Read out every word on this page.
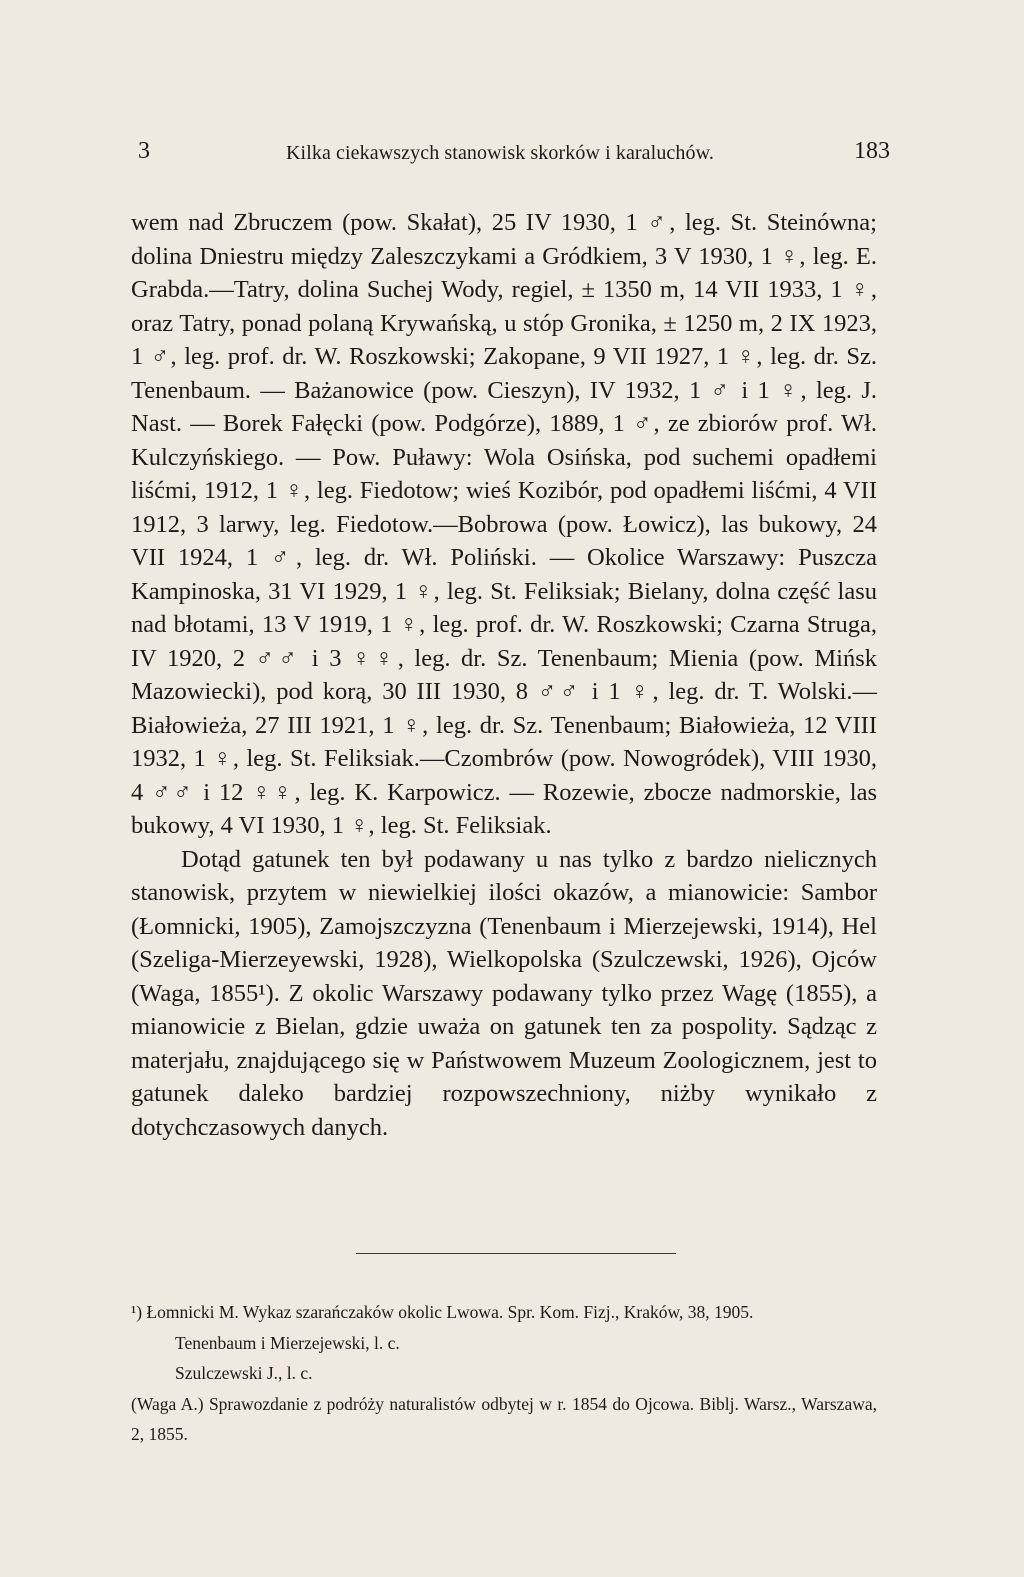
3	Kilka ciekawszych stanowisk skorków i karaluchów.	183

wem nad Zbruczem (pow. Skałat), 25 IV 1930, 1 ♂, leg. St. Steinówna; dolina Dniestru między Zaleszczykami a Gródkiem, 3 V 1930, 1 ♀, leg. E. Grabda.—Tatry, dolina Suchej Wody, regiel, ± 1350 m, 14 VII 1933, 1 ♀, oraz Tatry, ponad polaną Krywańską, u stóp Gronika, ± 1250 m, 2 IX 1923, 1 ♂, leg. prof. dr. W. Roszkowski; Zakopane, 9 VII 1927, 1 ♀, leg. dr. Sz. Tenenbaum. — Bażanowice (pow. Cieszyn), IV 1932, 1 ♂ i 1 ♀, leg. J. Nast. — Borek Fałęcki (pow. Podgórze), 1889, 1 ♂, ze zbiorów prof. Wł. Kulczyńskiego. — Pow. Puławy: Wola Osińska, pod suchemi opadłemi liśćmi, 1912, 1 ♀, leg. Fiedotow; wieś Kozibór, pod opadłemi liśćmi, 4 VII 1912, 3 larwy, leg. Fiedotow.—Bobrowa (pow. Łowicz), las bukowy, 24 VII 1924, 1 ♂, leg. dr. Wł. Poliński. — Okolice Warszawy: Puszcza Kampinoska, 31 VI 1929, 1 ♀, leg. St. Feliksiak; Bielany, dolna część lasu nad błotami, 13 V 1919, 1 ♀, leg. prof. dr. W. Roszkowski; Czarna Struga, IV 1920, 2 ♂♂ i 3 ♀♀, leg. dr. Sz. Tenenbaum; Mienia (pow. Mińsk Mazowiecki), pod korą, 30 III 1930, 8 ♂♂ i 1 ♀, leg. dr. T. Wolski.—Białowieża, 27 III 1921, 1 ♀, leg. dr. Sz. Tenenbaum; Białowieża, 12 VIII 1932, 1 ♀, leg. St. Feliksiak.—Czombrów (pow. Nowogródek), VIII 1930, 4 ♂♂ i 12 ♀♀, leg. K. Karpowicz. — Rozewie, zbocze nadmorskie, las bukowy, 4 VI 1930, 1 ♀, leg. St. Feliksiak.

Dotąd gatunek ten był podawany u nas tylko z bardzo nielicznych stanowisk, przytem w niewielkiej ilości okazów, a mianowicie: Sambor (Łomnicki, 1905), Zamojszczyzna (Tenenbaum i Mierzejewski, 1914), Hel (Szeliga-Mierzeyewski, 1928), Wielkopolska (Szulczewski, 1926), Ojców (Waga, 1855¹). Z okolic Warszawy podawany tylko przez Wagę (1855), a mianowicie z Bielan, gdzie uważa on gatunek ten za pospolity. Sądząc z materjału, znajdującego się w Państwowem Muzeum Zoologicznem, jest to gatunek daleko bardziej rozpowszechniony, niżby wynikało z dotychczasowych danych.

¹) Łomnicki M. Wykaz szarańczaków okolic Lwowa. Spr. Kom. Fizj., Kraków, 38, 1905.

Tenenbaum i Mierzejewski, l. c.

Szulczewski J., l. c.

(Waga A.) Sprawozdanie z podróży naturalistów odbytej w r. 1854 do Ojcowa. Biblj. Warsz., Warszawa, 2, 1855.
